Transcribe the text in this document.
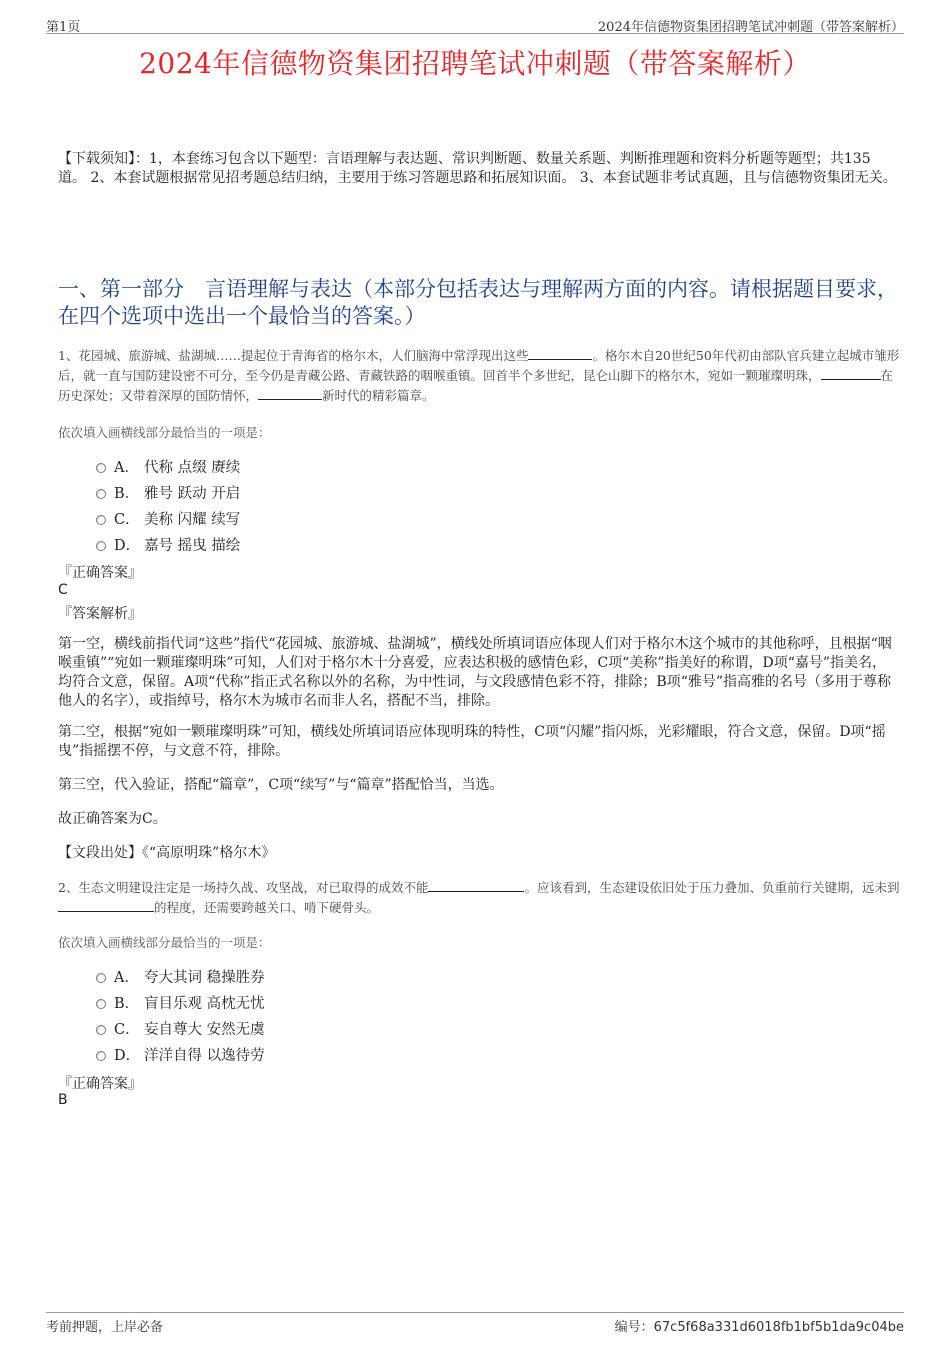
第1页	2024年信德物资集团招聘笔试冲刺题（带答案解析）
2024年信德物资集团招聘笔试冲刺题（带答案解析）
【下载须知】：1，本套练习包含以下题型：言语理解与表达题、常识判断题、数量关系题、判断推理题和资料分析题等题型；共135道。 2、本套试题根据常见招考题总结归纳，主要用于练习答题思路和拓展知识面。 3、本套试题非考试真题，且与信德物资集团无关。
一、第一部分　言语理解与表达（本部分包括表达与理解两方面的内容。请根据题目要求，在四个选项中选出一个最恰当的答案。）
1、花园城、旅游城、盐湖城……提起位于青海省的格尔木，人们脑海中常浮现出这些	。格尔木自20世纪50年代初由部队官兵建立起城市雏形后，就一直与国防建设密不可分，至今仍是青藏公路、青藏铁路的咽喉重镇。回首半个多世纪，昆仑山脚下的格尔木，宛如一颗璀璨明珠，	在历史深处；又带着深厚的国防情怀，	新时代的精彩篇章。
依次填入画横线部分最恰当的一项是：
A． 代称 点缀 赓续
B． 雅号 跃动 开启
C． 美称 闪耀 续写
D． 嘉号 摇曳 描绘
『正确答案』
C
『答案解析』
第一空，横线前指代词“这些”指代“花园城、旅游城、盐湖城”，横线处所填词语应体现人们对于格尔木这个城市的其他称呼，且根据“咽喉重镇”“宛如一颗璀璨明珠”可知，人们对于格尔木十分喜爱，应表达积极的感情色彩，C项“美称”指美好的称谓，D项“嘉号”指美名，均符合文意，保留。A项“代称”指正式名称以外的名称，为中性词，与文段感情色彩不符，排除；B项“雅号”指高雅的名号（多用于尊称他人的名字），或指绰号，格尔木为城市名而非人名，搭配不当，排除。
第二空，根据“宛如一颗璀璨明珠”可知，横线处所填词语应体现明珠的特性，C项“闪耀”指闪烁，光彩耀眼，符合文意，保留。D项“摇曳”指摇摆不停，与文意不符，排除。
第三空，代入验证，搭配“篇章”，C项“续写”与“篇章”搭配恰当，当选。
故正确答案为C。
【文段出处】《“高原明珠”格尔木》
2、生态文明建设注定是一场持久战、攻坚战，对已取得的成效不能	。应该看到，生态建设依旧处于压力叠加、负重前行关键期，远未到的程度，还需要跨越关口、啃下硬骨头。
依次填入画横线部分最恰当的一项是：
A． 夸大其词 稳操胜券
B． 盲目乐观 高枕无忧
C． 妄自尊大 安然无虞
D． 洋洋自得 以逸待劳
『正确答案』
B
考前押题，上岸必备	编号：67c5f68a331d6018fb1bf5b1da9c04be
